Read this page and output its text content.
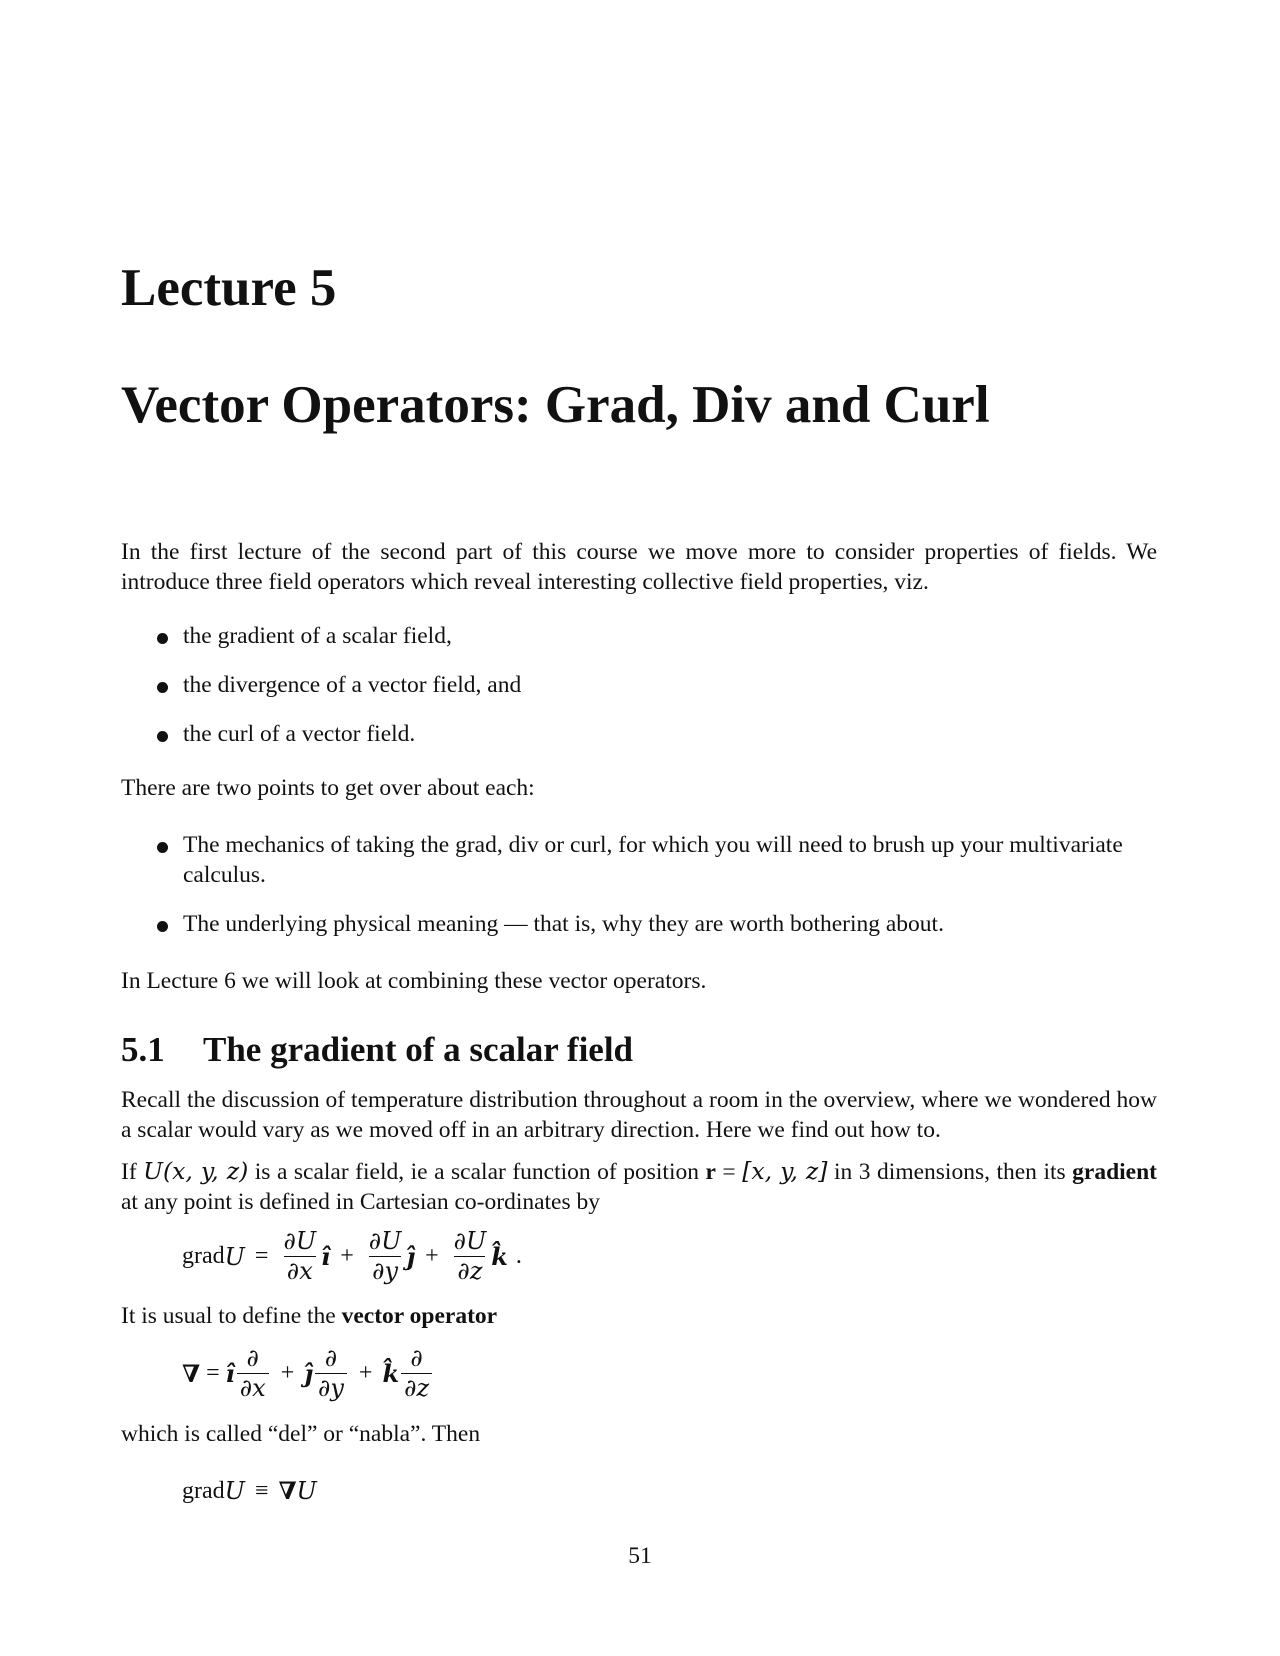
Lecture 5
Vector Operators: Grad, Div and Curl

In the first lecture of the second part of this course we move more to consider properties of fields. We introduce three field operators which reveal interesting collective field properties, viz.

the gradient of a scalar field,
the divergence of a vector field, and
the curl of a vector field.

There are two points to get over about each:

The mechanics of taking the grad, div or curl, for which you will need to brush up your multivariate calculus.
The underlying physical meaning — that is, why they are worth bothering about.

In Lecture 6 we will look at combining these vector operators.

5.1 The gradient of a scalar field

Recall the discussion of temperature distribution throughout a room in the overview, where we wondered how a scalar would vary as we moved off in an arbitrary direction. Here we find out how to.

If U(x, y, z) is a scalar field, ie a scalar function of position r = [x, y, z] in 3 dimensions, then its gradient at any point is defined in Cartesian co-ordinates by

grad $U = \frac{\partial U}{\partial x}$ î + $\frac{\partial U}{\partial y}$ ĵ + $\frac{\partial U}{\partial z}$ k̂ .

It is usual to define the vector operator

∇ = î $\frac{\partial}{\partial x}$ + ĵ $\frac{\partial}{\partial y}$ + k̂ $\frac{\partial}{\partial z}$

which is called “del” or “nabla”. Then

grad U ≡ ∇ U
51
